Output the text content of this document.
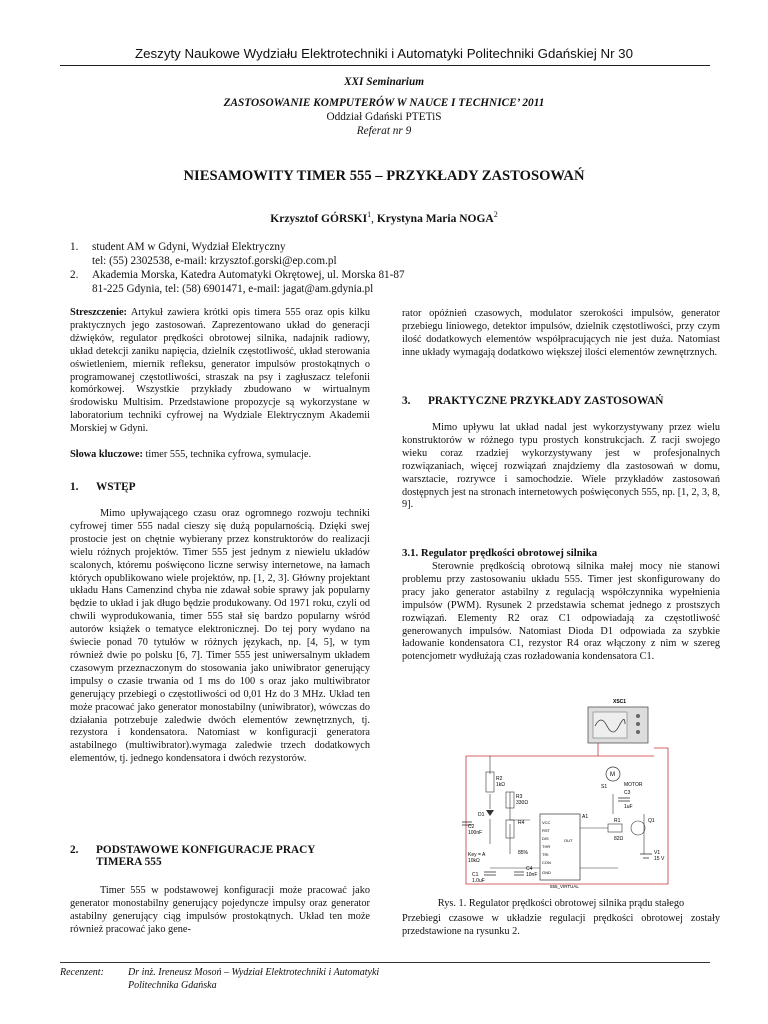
Zeszyty Naukowe Wydziału Elektrotechniki i Automatyki Politechniki Gdańskiej Nr 30
XXI Seminarium
ZASTOSOWANIE KOMPUTERÓW W NAUCE I TECHNICE’ 2011
Oddział Gdański PTETiS
Referat nr 9
NIESAMOWITY TIMER 555 – PRZYKŁADY ZASTOSOWAŃ
Krzysztof GÓRSKI$^1$, Krystyna Maria NOGA$^2$
1. student AM w Gdyni, Wydział Elektryczny
tel: (55) 2302538, e-mail: krzysztof.gorski@ep.com.pl
2. Akademia Morska, Katedra Automatyki Okrętowej, ul. Morska 81-87
81-225 Gdynia, tel: (58) 6901471, e-mail: jagat@am.gdynia.pl
Streszczenie: Artykuł zawiera krótki opis timera 555 oraz opis kilku praktycznych jego zastosowań. Zaprezentowano układ do generacji dźwięków, regulator prędkości obrotowej silnika, nadajnik radiowy, układ detekcji zaniku napięcia, dzielnik częstotliwość, układ sterowania oświetleniem, miernik refleksu, generator impulsów prostokątnych o programowanej częstotliwości, straszak na psy i zagłuszacz telefonii komórkowej. Wszystkie przykłady zbudowano w wirtualnym środowisku Multisim. Przedstawione propozycje są wykorzystane w laboratorium techniki cyfrowej na Wydziale Elektrycznym Akademii Morskiej w Gdyni.
Słowa kluczowe: timer 555, technika cyfrowa, symulacje.
1. WSTĘP
Mimo upływającego czasu oraz ogromnego rozwoju techniki cyfrowej timer 555 nadal cieszy się dużą popularnością. Dzięki swej prostocie jest on chętnie wybierany przez konstruktorów do realizacji wielu różnych projektów. Timer 555 jest jednym z niewielu układów scalonych, któremu poświęcono liczne serwisy internetowe, na łamach których opublikowano wiele projektów, np. [1, 2, 3]. Główny projektant układu Hans Camenzind chyba nie zdawał sobie sprawy jak popularny będzie to układ i jak długo będzie produkowany. Od 1971 roku, czyli od chwili wyprodukowania, timer 555 stał się bardzo popularny wśród autorów książek o tematyce elektronicznej. Do tej pory wydano na świecie ponad 70 tytułów w różnych językach, np. [4, 5], w tym również dwie po polsku [6, 7]. Timer 555 jest uniwersalnym układem czasowym przeznaczonym do stosowania jako uniwibrator generujący impulsy o czasie trwania od 1 ms do 100 s oraz jako multiwibrator generujący przebiegi o częstotliwości od 0,01 Hz do 3 MHz. Układ ten może pracować jako generator monostabilny (uniwibrator), wówczas do działania potrzebuje zaledwie dwóch elementów zewnętrznych, tj. rezystora i kondensatora. Natomiast w konfiguracji generatora astabilnego (multiwibrator).wymaga zaledwie trzech dodatkowych elementów, tj. jednego kondensatora i dwóch rezystorów.
2. PODSTAWOWE KONFIGURACJE PRACY
TIMERA 555
Timer 555 w podstawowej konfiguracji może pracować jako generator monostabilny generujący pojedyncze impulsy oraz generator astabilny generujący ciąg impulsów prostokątnych. Układ ten może również pracować jako gene-
rator opóźnień czasowych, modulator szerokości impulsów, generator przebiegu liniowego, detektor impulsów, dzielnik częstotliwości, przy czym ilość dodatkowych elementów współpracujących nie jest duża. Natomiast inne układy wymagają dodatkowo większej ilości elementów zewnętrznych.
3. PRAKTYCZNE PRZYKŁADY ZASTOSOWAŃ
Mimo upływu lat układ nadal jest wykorzystywany przez wielu konstruktorów w różnego typu prostych konstrukcjach. Z racji swojego wieku coraz rzadziej wykorzystywany jest w profesjonalnych rozwiązaniach, więcej rozwiązań znajdziemy dla zastosowań w domu, warsztacie, rozrywce i samochodzie. Wiele przykładów zastosowań dostępnych jest na stronach internetowych poświęconych 555, np. [1, 2, 3, 8, 9].
3.1. Regulator prędkości obrotowej silnika
Sterownie prędkością obrotową silnika małej mocy nie stanowi problemu przy zastosowaniu układu 555. Timer jest skonfigurowany do pracy jako generator astabilny z regulacją współczynnika wypełnienia impulsów (PWM). Rysunek 2 przedstawia schemat jednego z prostszych rozwiązań. Elementy R2 oraz C1 odpowiadają za częstotliwość generowanych impulsów. Natomiast Dioda D1 odpowiada za szybkie ładowanie kondensatora C1, rezystor R4 oraz włączony z nim w szereg potencjometr wydłużają czas rozładowania kondensatora C1.
XSC1
R2
1kΩ
D1
R3
330Ω
R4
85%
C2
100nF
Key = A
10kΩ
C1
1.0uF
C4
10nF
VCC
RST
DIS
THR
TRI
CON
GND
OUT
A1
555_VIRTUAL
M
MOTOR
S1
C3
1uF
R1
82Ω
Q1
V1
15 V
Rys. 1. Regulator prędkości obrotowej silnika prądu stałego
Przebiegi czasowe w układzie regulacji prędkości obrotowej zostały przedstawione na rysunku 2.
Recenzent: Dr inż. Ireneusz Mosoń – Wydział Elektrotechniki i Automatyki
Politechnika Gdańska
